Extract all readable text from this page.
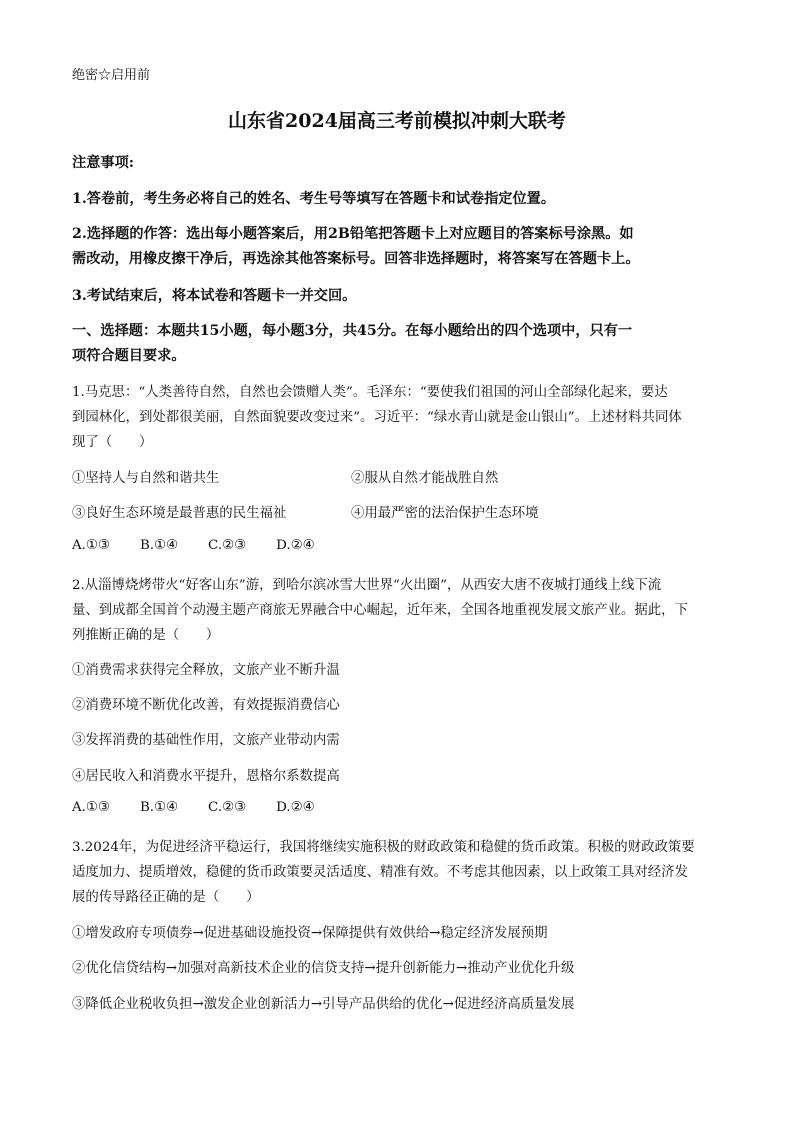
绝密☆启用前
山东省2024届高三考前模拟冲刺大联考
注意事项:
1.答卷前，考生务必将自己的姓名、考生号等填写在答题卡和试卷指定位置。
2.选择题的作答：选出每小题答案后，用2B铅笔把答题卡上对应题目的答案标号涂黑。如
需改动，用橡皮擦干净后，再选涂其他答案标号。回答非选择题时，将答案写在答题卡上。
3.考试结束后，将本试卷和答题卡一并交回。
一、选择题：本题共15小题，每小题3分，共45分。在每小题给出的四个选项中，只有一
项符合题目要求。
1.马克思：“人类善待自然，自然也会馈赠人类”。毛泽东：“要使我们祖国的河山全部绿化起来，要达
到园林化，到处都很美丽，自然面貌要改变过来”。习近平：“绿水青山就是金山银山”。上述材料共同体
现了（　　）
①坚持人与自然和谐共生	②服从自然才能战胜自然
③良好生态环境是最普惠的民生福祉	④用最严密的法治保护生态环境
A.①③ B.①④ C.②③ D.②④
2.从淄博烧烤带火“好客山东”游，到哈尔滨冰雪大世界“火出圈”，从西安大唐不夜城打通线上线下流
量、到成都全国首个动漫主题产商旅无界融合中心崛起，近年来，全国各地重视发展文旅产业。据此，下
列推断正确的是（　　）
①消费需求获得完全释放，文旅产业不断升温
②消费环境不断优化改善，有效提振消费信心
③发挥消费的基础性作用，文旅产业带动内需
④居民收入和消费水平提升，恩格尔系数提高
A.①③ B.①④ C.②③ D.②④
3.2024年，为促进经济平稳运行，我国将继续实施积极的财政政策和稳健的货币政策。积极的财政政策要
适度加力、提质增效，稳健的货币政策要灵活适度、精准有效。不考虑其他因素，以上政策工具对经济发
展的传导路径正确的是（　　）
①增发政府专项债券→促进基础设施投资→保障提供有效供给→稳定经济发展预期
②优化信贷结构→加强对高新技术企业的信贷支持→提升创新能力→推动产业优化升级
③降低企业税收负担→激发企业创新活力→引导产品供给的优化→促进经济高质量发展
